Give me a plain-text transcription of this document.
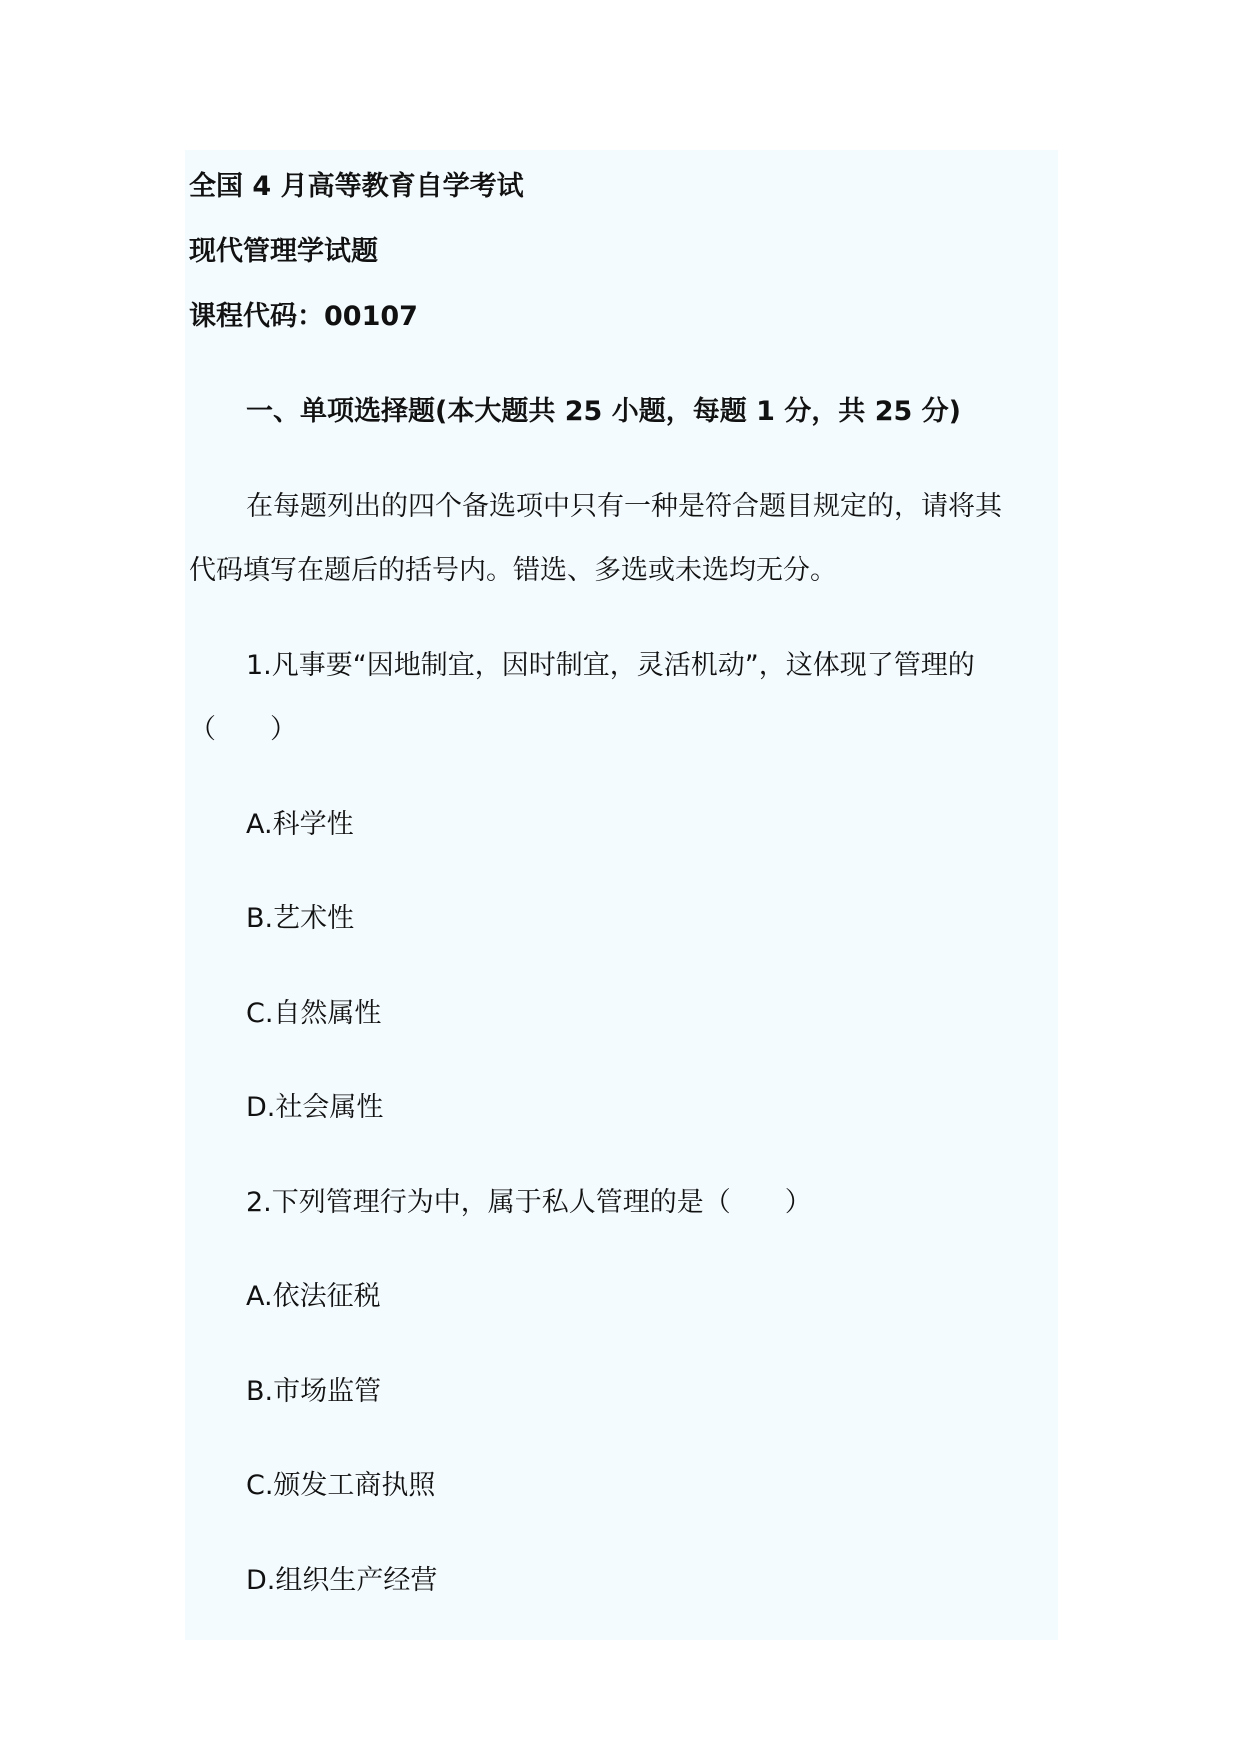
全国 4 月高等教育自学考试
现代管理学试题
课程代码：00107
一、单项选择题(本大题共 25 小题，每题 1 分，共 25 分)
在每题列出的四个备选项中只有一种是符合题目规定的，请将其
代码填写在题后的括号内。错选、多选或未选均无分。
1.凡事要“因地制宜，因时制宜，灵活机动”，这体现了管理的
（　　）
A.科学性
B.艺术性
C.自然属性
D.社会属性
2.下列管理行为中，属于私人管理的是（　　）
A.依法征税
B.市场监管
C.颁发工商执照
D.组织生产经营
